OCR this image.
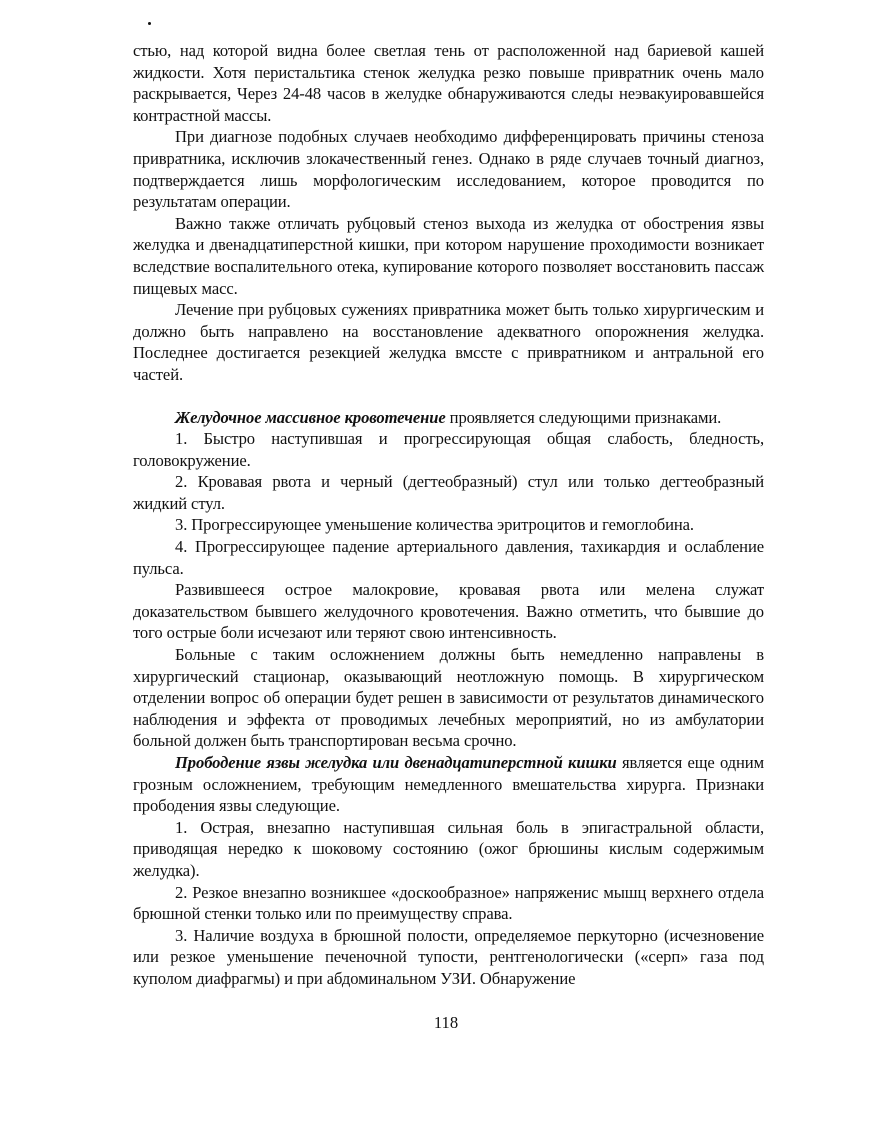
стью, над которой видна более светлая тень от расположенной над бариевой кашей жидкости. Хотя перистальтика стенок желудка резко повышe привратник очень мало раскрывается, Через 24-48 часов в желудке обнаруживаются следы нeэвакуировавшейся контрастной массы.

При диагнозе подобных случаев необходимо дифференцировать причины стеноза привратника, исключив злокачественный генез. Однако в ряде случаев точный диагноз, подтверждается лишь морфологическим исследованием, которое проводится по результатам операции.

Важно также отличать рубцовый стеноз выхода из желудка от обострения язвы желудка и двенадцатиперстной кишки, при котором нарушение проходимости возникает вследствие воспалительного отека, купирование которого позволяет восстановить пассаж пищевых масс.

Лечение при рубцовых сужениях привратника может быть только хирургическим и должно быть направлено на восстановление адекватного опорожнения желудка. Последнее достигается резекцией желудка вмсcте с привратником и антральной его частей.

Желудочное массивное кровотечение проявляется следующими признаками.

1. Быстро наступившая и прогрессирующая общая слабость, бледность, головокружение.

2. Кровавая рвота и черный (дегтеобразный) стул или только дегтеобразный жидкий стул.

3. Прогрессирующее уменьшение количества эритроцитов и гемоглобина.

4. Прогрессирующее падение артериального давления, тахикардия и ослабление пульса.

Развившееся острое малокровие, кровавая рвота или мелена служат доказательством бывшего желудочного кровотечения. Важно отметить, что бывшие до того острые боли исчезают или теряют свою интенсивность.

Больные с таким осложнением должны быть немедленно направлены в хирургический стационар, оказывающий неотложную помощь. В хирургическом отделении вопрос об операции будет решен в зависимости от результатов динамического наблюдения и эффекта от проводимых лечебных мероприятий, но из амбулатории больной должен быть транспортирован весьма срочно.

Прободение язвы желудка или двенадцатиперстной кишки является еще одним грозным осложнением, требующим немедленного вмешательства хирурга. Признаки прободения язвы следующие.

1. Острая, внезапно наступившая сильная боль в эпигастральной области, приводящая нередко к шоковому состоянию (ожог брюшины кислым содержимым желудка).

2. Резкое внезапно возникшее «доскообразное» напряженис мышц верхнего отдела брюшной стенки только или по преимуществу справа.

3. Наличие воздуха в брюшной полости, определяемое перкуторно (исчезновение или резкое уменьшение печеночной тупости, рентгенологически («серп» газа под куполом диафрагмы) и при абдоминальном УЗИ. Обнаружение

118
